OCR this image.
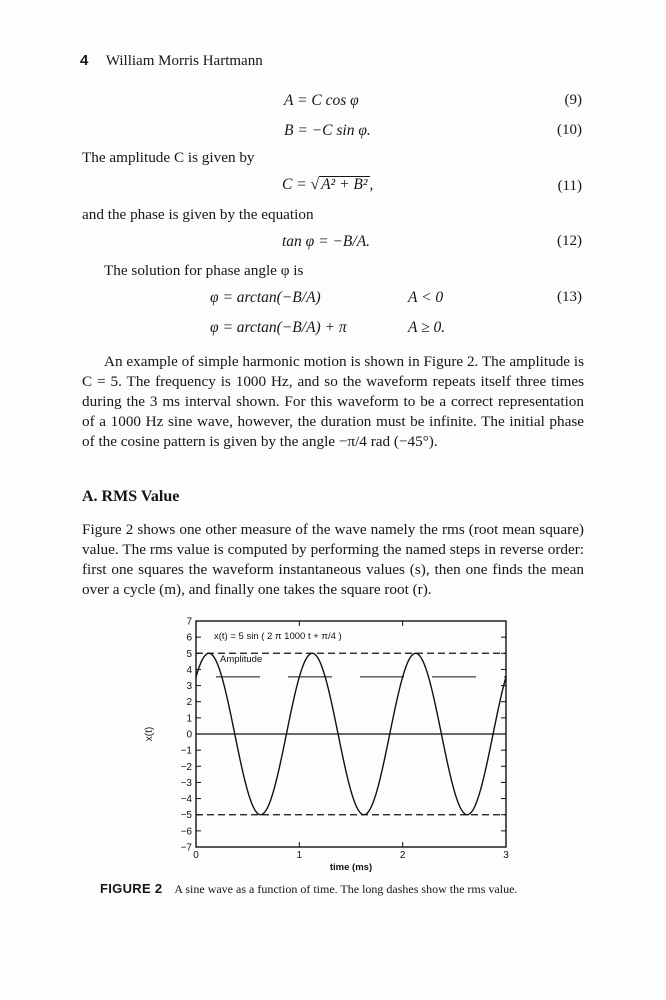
4 William Morris Hartmann
A = C cos φ	(9)
B = −C sin φ.	(10)
The amplitude C is given by
C = √ A² + B² ,	(11)
and the phase is given by the equation
tan φ = −B/A.	(12)
The solution for phase angle φ is
φ = arctan(−B/A)	A < 0	(13)
φ = arctan(−B/A) + π	A ≥ 0.
An example of simple harmonic motion is shown in Figure 2. The amplitude is C = 5. The frequency is 1000 Hz, and so the waveform repeats itself three times during the 3 ms interval shown. For this waveform to be a correct representation of a 1000 Hz sine wave, however, the duration must be infinite. The initial phase of the cosine pattern is given by the angle −π/4 rad (−45°).
A. RMS Value
Figure 2 shows one other measure of the wave namely the rms (root mean square) value. The rms value is computed by performing the named steps in reverse order: first one squares the waveform instantaneous values (s), then one finds the mean over a cycle (m), and finally one takes the square root (r).
7
6
5
4
3
2
1
0
−1
−2
−3
−4
−5
−6
−7
0	1	2	3
x(t) = 5 sin ( 2 π 1000 t + π/4 )
Amplitude
time (ms)
x(t)
FIGURE 2 A sine wave as a function of time. The long dashes show the rms value.
